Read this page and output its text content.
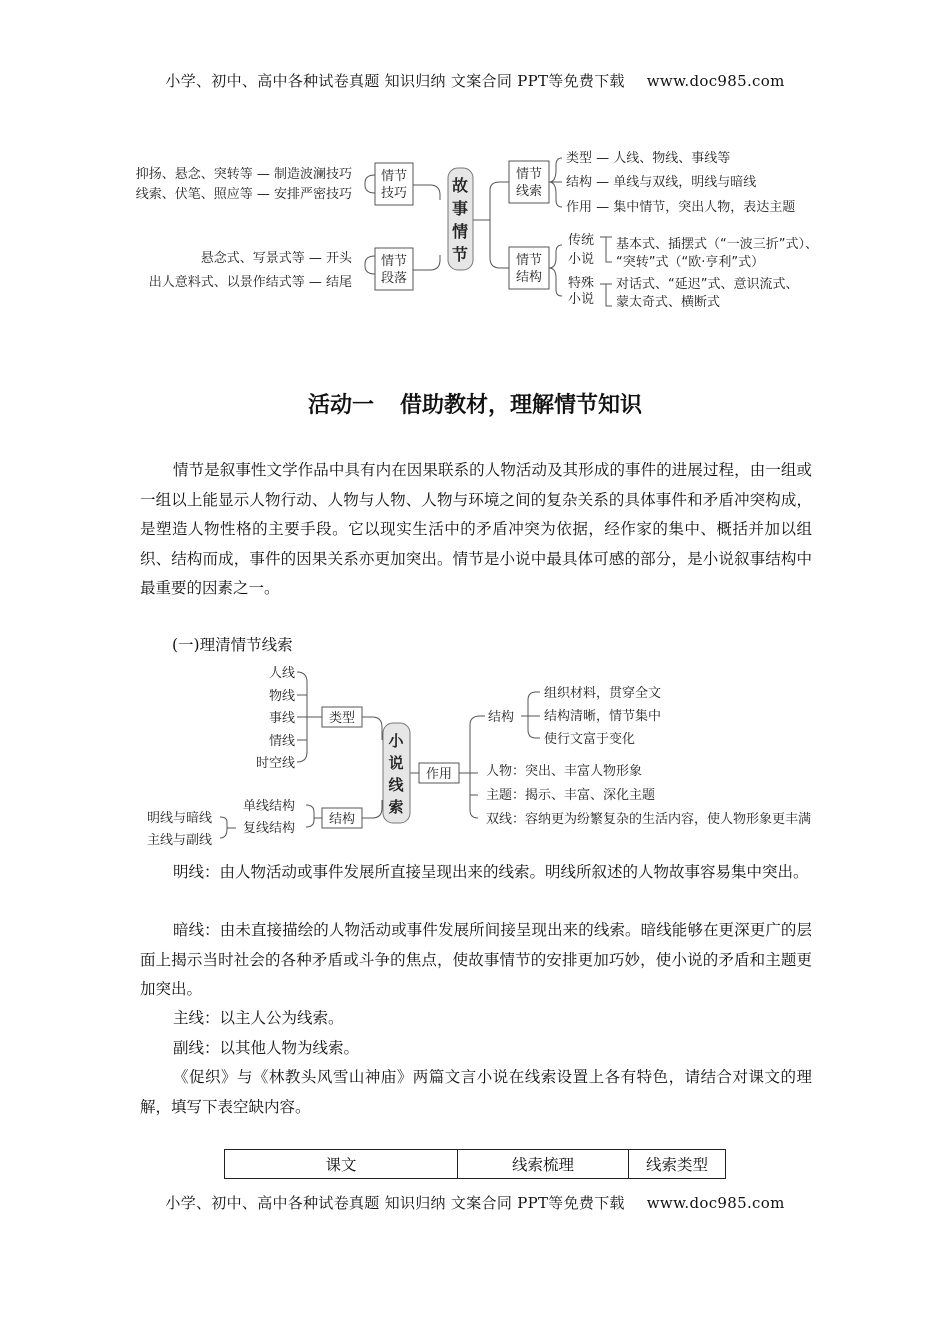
小学、初中、高中各种试卷真题 知识归纳 文案合同 PPT等免费下载 www.doc985.com
情节
技巧
情节
段落
情节
线索
情节
结构
故
事
情
节
抑扬、悬念、突转等 — 制造波澜技巧
线索、伏笔、照应等 — 安排严密技巧
悬念式、写景式等 — 开头
出人意料式、以景作结式等 — 结尾
类型 — 人线、物线、事线等
结构 — 单线与双线，明线与暗线
作用 — 集中情节，突出人物，表达主题
传统
小说
特殊
小说
基本式、插摆式（“一波三折”式）、
“突转”式（“欧·亨利”式）
对话式、“延迟”式、意识流式、
蒙太奇式、横断式
人线
物线
事线
情线
时空线
类型
结构
单线结构
复线结构
明线与暗线
主线与副线
小
说
线
索
作用
结构
组织材料，贯穿全文
结构清晰，情节集中
使行文富于变化
人物：突出、丰富人物形象
主题：揭示、丰富、深化主题
双线：容纳更为纷繁复杂的生活内容，使人物形象更丰满
活动一 借助教材，理解情节知识

情节是叙事性文学作品中具有内在因果联系的人物活动及其形成的事件的进展过程，由一组或一组以上能显示人物行动、人物与人物、人物与环境之间的复杂关系的具体事件和矛盾冲突构成，是塑造人物性格的主要手段。它以现实生活中的矛盾冲突为依据，经作家的集中、概括并加以组织、结构而成，事件的因果关系亦更加突出。情节是小说中最具体可感的部分，是小说叙事结构中最重要的因素之一。

(一)理清情节线索

明线：由人物活动或事件发展所直接呈现出来的线索。明线所叙述的人物故事容易集中突出。

暗线：由未直接描绘的人物活动或事件发展所间接呈现出来的线索。暗线能够在更深更广的层面上揭示当时社会的各种矛盾或斗争的焦点，使故事情节的安排更加巧妙，使小说的矛盾和主题更加突出。

主线：以主人公为线索。

副线：以其他人物为线索。

《促织》与《林教头风雪山神庙》两篇文言小说在线索设置上各有特色，请结合对课文的理解，填写下表空缺内容。

课文	线索梳理	线索类型
小学、初中、高中各种试卷真题 知识归纳 文案合同 PPT等免费下载 www.doc985.com
